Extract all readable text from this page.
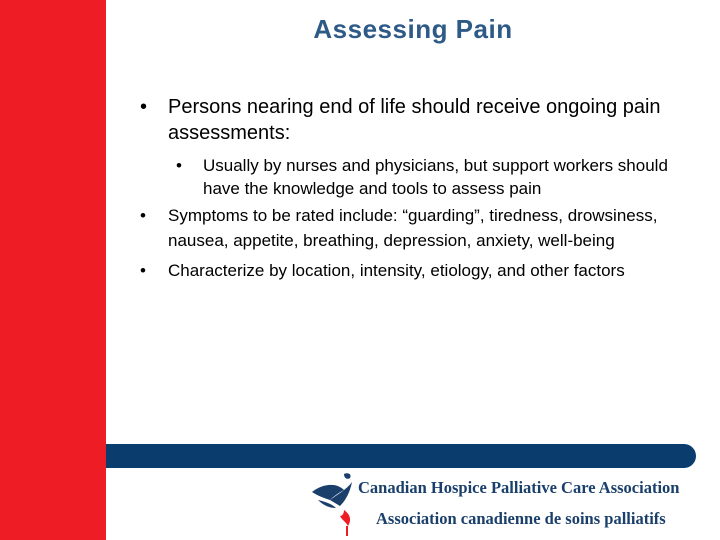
Assessing Pain
• Persons nearing end of life should receive ongoing pain assessments:
• Usually by nurses and physicians, but support workers should have the knowledge and tools to assess pain
• Symptoms to be rated include: “guarding”, tiredness, drowsiness, nausea, appetite, breathing, depression, anxiety, well-being
• Characterize by location, intensity, etiology, and other factors
Canadian Hospice Palliative Care Association
Association canadienne de soins palliatifs
